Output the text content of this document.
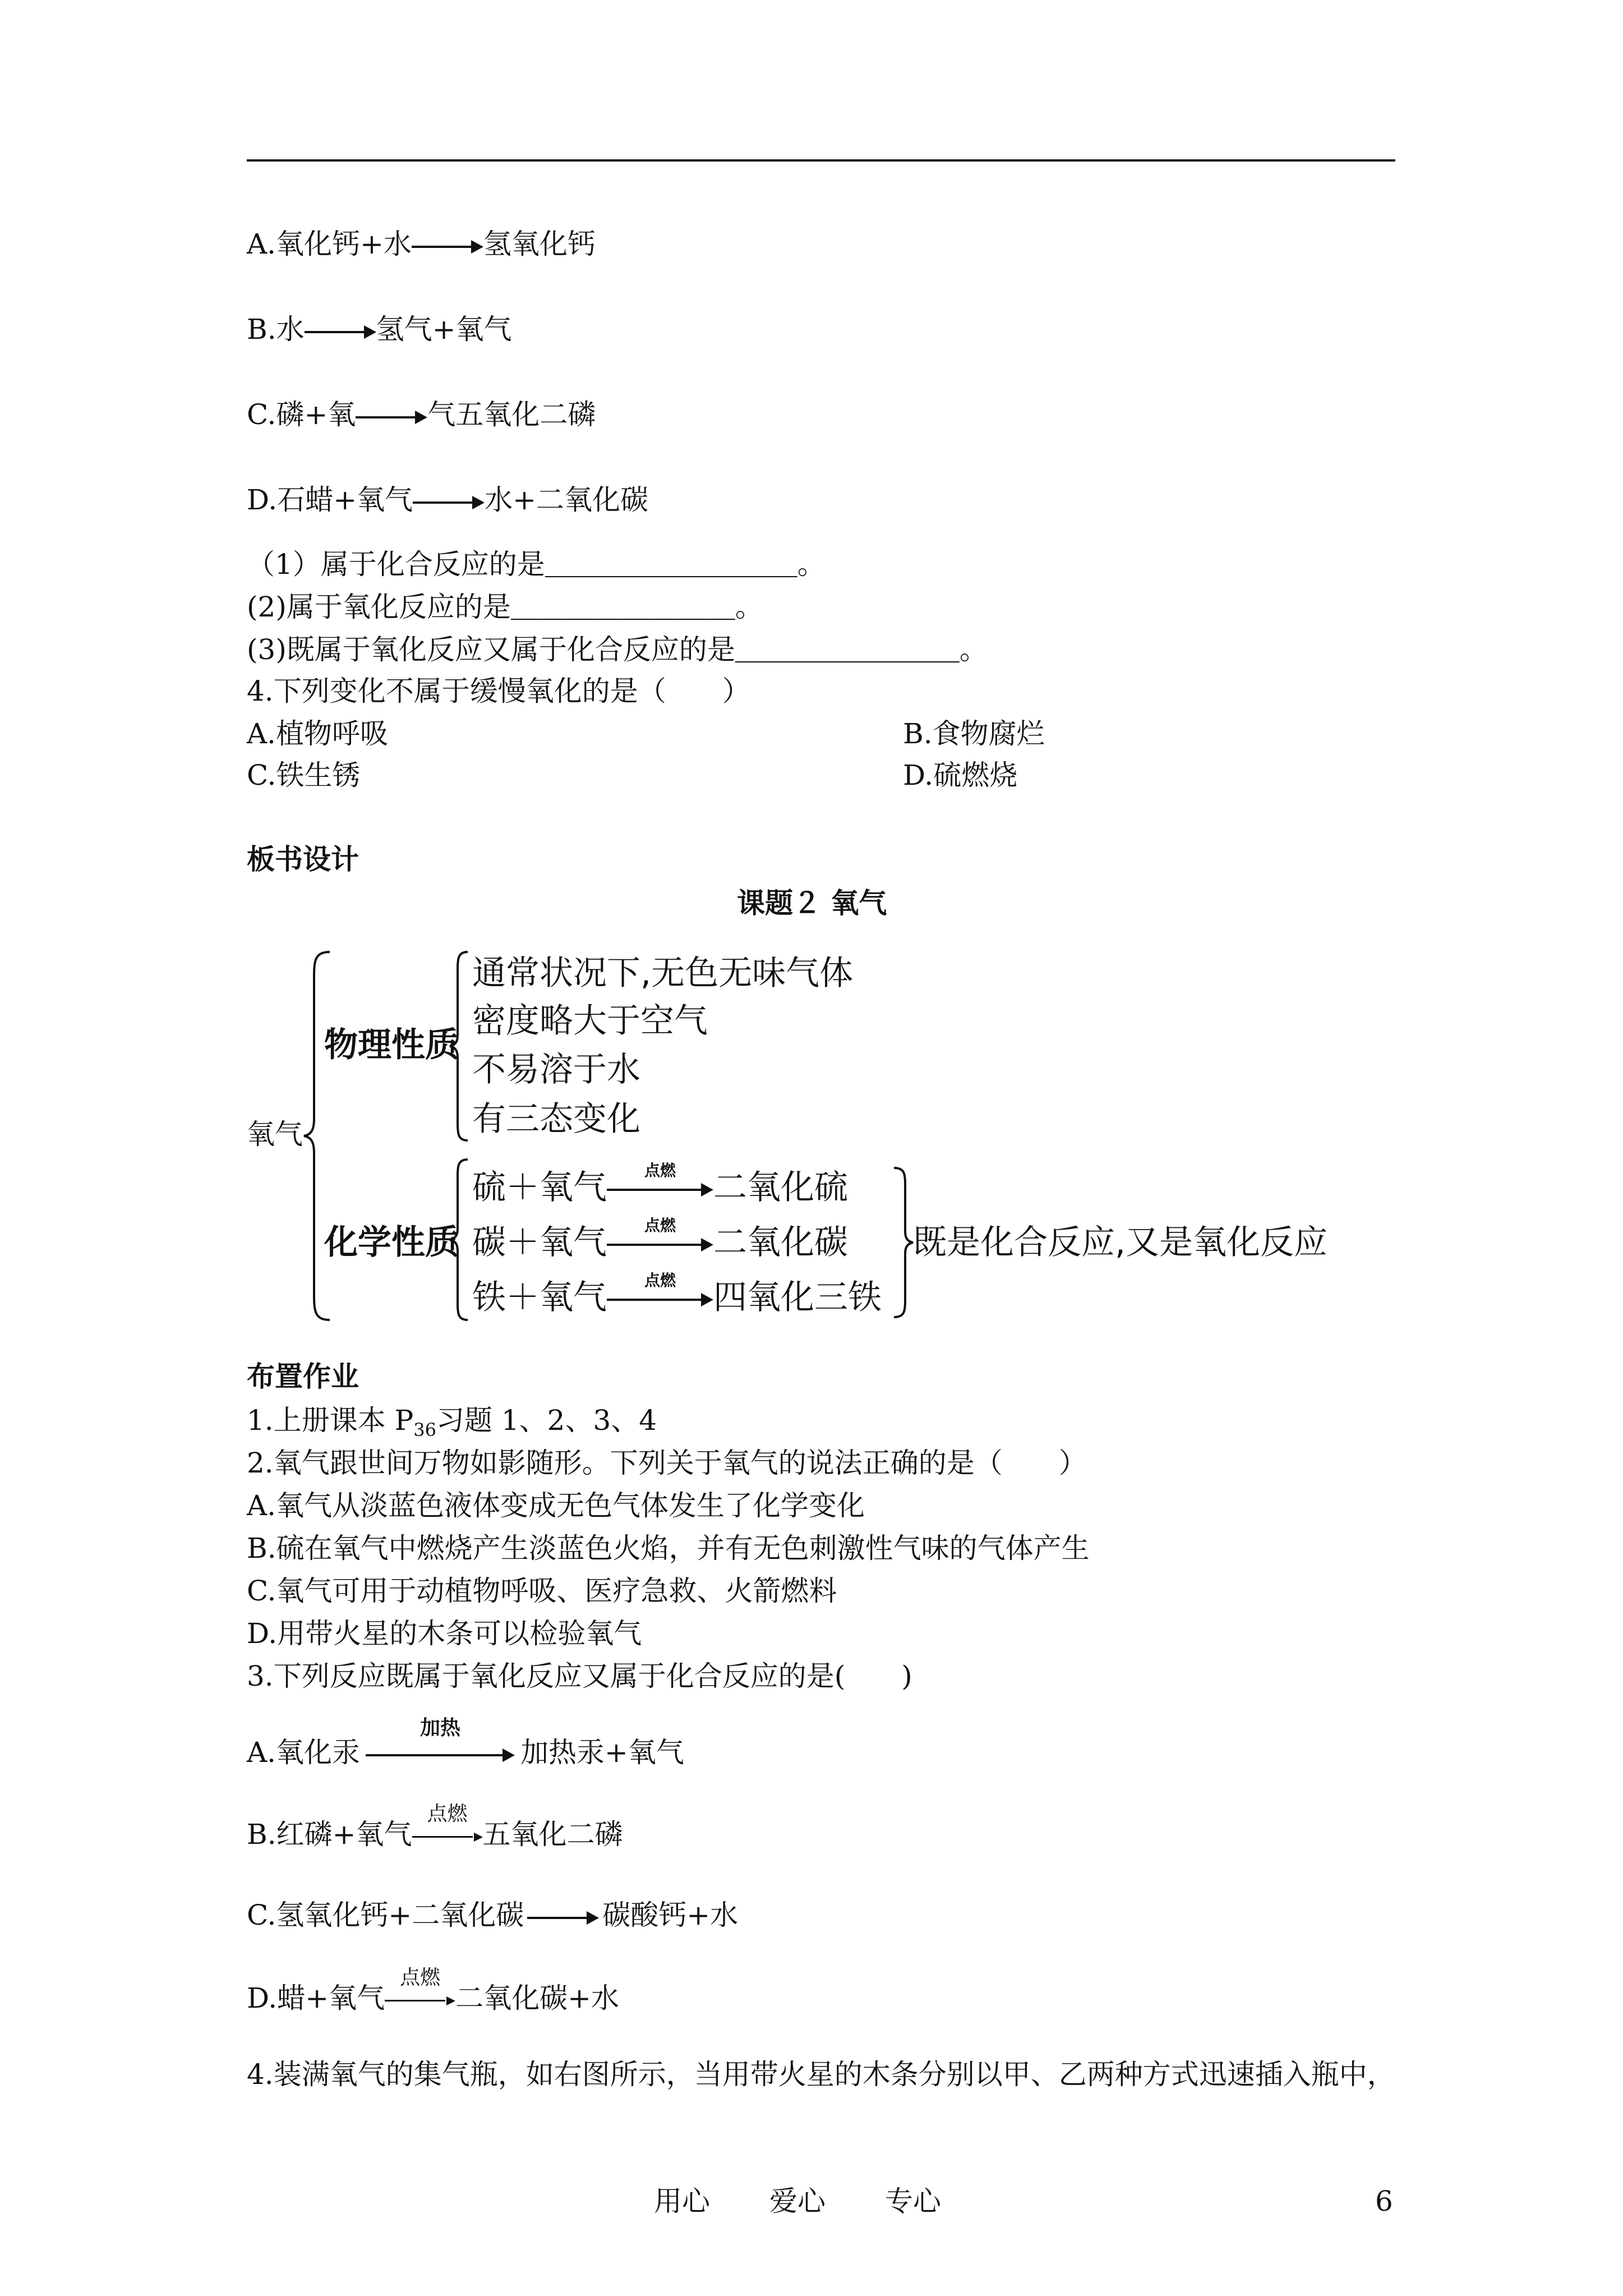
A.氧化钙+水	氢氧化钙
B.水	氢气+氧气
C.磷+氧	气五氧化二磷
D.石蜡+氧气	水+二氧化碳
（1）属于化合反应的是＿＿＿＿＿＿＿＿＿。
(2)属于氧化反应的是＿＿＿＿＿＿＿＿。
(3)既属于氧化反应又属于化合反应的是＿＿＿＿＿＿＿＿。
4.下列变化不属于缓慢氧化的是（　　）
A.植物呼吸	B.食物腐烂
C.铁生锈	D.硫燃烧
板书设计
课题２ 氧气
氧气
物理性质
通常状况下,无色无味气体
密度略大于空气
不易溶于水
有三态变化
化学性质
硫＋氧气	点燃	二氧化硫
碳＋氧气	点燃	二氧化碳
铁＋氧气	点燃	四氧化三铁
既是化合反应,又是氧化反应
布置作业
1.上册课本 $P_{36}$习题 1、2、3、4
2.氧气跟世间万物如影随形。下列关于氧气的说法正确的是（　　）
A.氧气从淡蓝色液体变成无色气体发生了化学变化
B.硫在氧气中燃烧产生淡蓝色火焰，并有无色刺激性气味的气体产生
C.氧气可用于动植物呼吸、医疗急救、火箭燃料
D.用带火星的木条可以检验氧气
3.下列反应既属于氧化反应又属于化合反应的是(　　)
A.氧化汞
加热
加热汞+氧气
B.红磷+氧气
点燃
五氧化二磷
C.氢氧化钙+二氧化碳	碳酸钙+水
D.蜡+氧气
点燃
二氧化碳+水
4.装满氧气的集气瓶，如右图所示，当用带火星的木条分别以甲、乙两种方式迅速插入瓶中，
用心 爱心 专心	6
